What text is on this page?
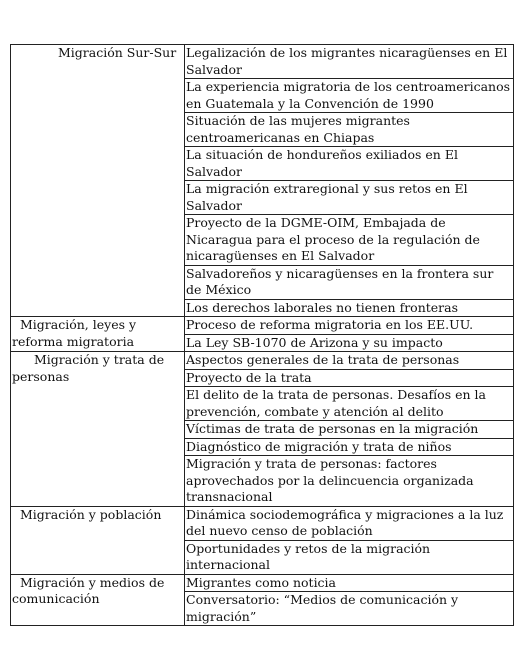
Migración Sur-Sur	Legalización de los migrantes nicaragüenses en El Salvador
	La experiencia migratoria de los centroamericanos en Guatemala y la Convención de 1990
	Situación de las mujeres migrantes centroamericanas en Chiapas
	La situación de hondureños exiliados en El Salvador
	La migración extraregional y sus retos en El Salvador
	Proyecto de la DGME-OIM, Embajada de Nicaragua para el proceso de la regulación de nicaragüenses en El Salvador
	Salvadoreños y nicaragüenses en la frontera sur de México
	Los derechos laborales no tienen fronteras
Migración, leyes y reforma migratoria	Proceso de reforma migratoria en los EE.UU.
	La Ley SB-1070 de Arizona y su impacto
Migración y trata de personas	Aspectos generales de la trata de personas
	Proyecto de la trata
	El delito de la trata de personas. Desafíos en la prevención, combate y atención al delito
	Víctimas de trata de personas en la migración
	Diagnóstico de migración y trata de niños
	Migración y trata de personas: factores aprovechados por la delincuencia organizada transnacional
Migración y población	Dinámica sociodemográfica y migraciones a la luz del nuevo censo de población
	Oportunidades y retos de la migración internacional
Migración y medios de comunicación	Migrantes como noticia
	Conversatorio: “Medios de comunicación y migración”
